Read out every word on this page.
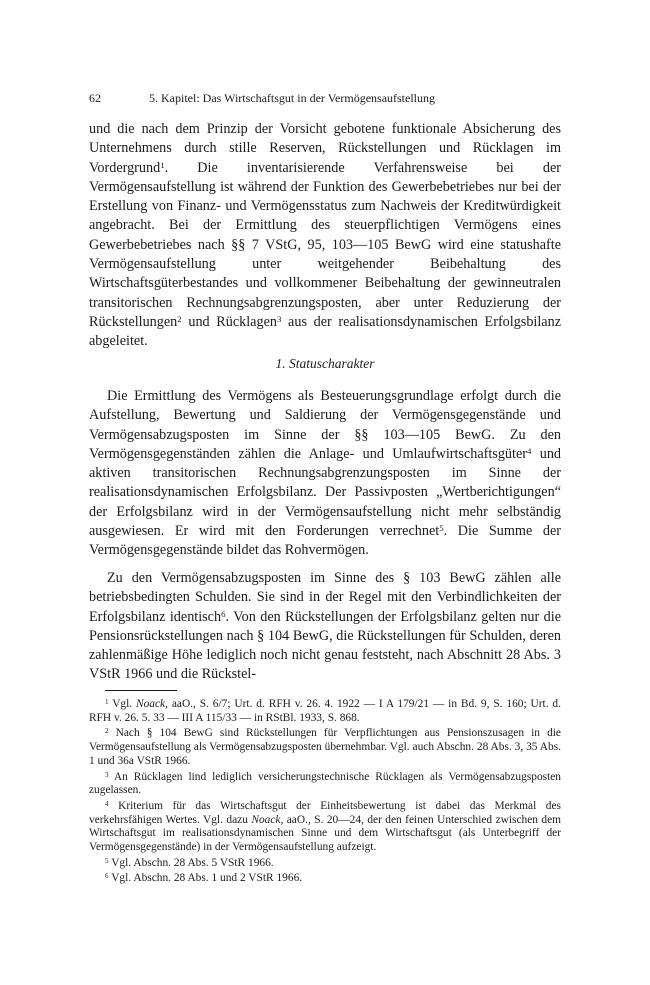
62	5. Kapitel: Das Wirtschaftsgut in der Vermögensaufstellung

und die nach dem Prinzip der Vorsicht gebotene funktionale Absicherung des Unternehmens durch stille Reserven, Rückstellungen und Rücklagen im Vordergrund$^1$. Die inventarisierende Verfahrensweise bei der Vermögensaufstellung ist während der Funktion des Gewerbebetriebes nur bei der Erstellung von Finanz- und Vermögensstatus zum Nachweis der Kreditwürdigkeit angebracht. Bei der Ermittlung des steuerpflichtigen Vermögens eines Gewerbebetriebes nach §§ 7 VStG, 95, 103—105 BewG wird eine statushafte Vermögensaufstellung unter weitgehender Beibehaltung des Wirtschaftsgüterbestandes und vollkommener Beibehaltung der gewinneutralen transitorischen Rechnungsabgrenzungsposten, aber unter Reduzierung der Rückstellungen$^2$ und Rücklagen$^3$ aus der realisationsdynamischen Erfolgsbilanz abgeleitet.

1. Statuscharakter

Die Ermittlung des Vermögens als Besteuerungsgrundlage erfolgt durch die Aufstellung, Bewertung und Saldierung der Vermögensgegenstände und Vermögensabzugsposten im Sinne der §§ 103—105 BewG. Zu den Vermögensgegenständen zählen die Anlage- und Umlaufwirtschaftsgüter$^4$ und aktiven transitorischen Rechnungsabgrenzungsposten im Sinne der realisationsdynamischen Erfolgsbilanz. Der Passivposten „Wertberichtigungen“ der Erfolgsbilanz wird in der Vermögensaufstellung nicht mehr selbständig ausgewiesen. Er wird mit den Forderungen verrechnet$^5$. Die Summe der Vermögensgegenstände bildet das Rohvermögen.

Zu den Vermögensabzugsposten im Sinne des § 103 BewG zählen alle betriebsbedingten Schulden. Sie sind in der Regel mit den Verbindlichkeiten der Erfolgsbilanz identisch$^6$. Von den Rückstellungen der Erfolgsbilanz gelten nur die Pensionsrückstellungen nach § 104 BewG, die Rückstellungen für Schulden, deren zahlenmäßige Höhe lediglich noch nicht genau feststeht, nach Abschnitt 28 Abs. 3 VStR 1966 und die Rückstel-

$^1$ Vgl. Noack, aaO., S. 6/7; Urt. d. RFH v. 26. 4. 1922 — I A 179/21 — in Bd. 9, S. 160; Urt. d. RFH v. 26. 5. 33 — III A 115/33 — in RStBl. 1933, S. 868.

$^2$ Nach § 104 BewG sind Rückstellungen für Verpflichtungen aus Pensionszusagen in die Vermögensaufstellung als Vermögensabzugsposten übernehmbar. Vgl. auch Abschn. 28 Abs. 3, 35 Abs. 1 und 36a VStR 1966.

$^3$ An Rücklagen lind lediglich versicherungstechnische Rücklagen als Vermögensabzugsposten zugelassen.

$^4$ Kriterium für das Wirtschaftsgut der Einheitsbewertung ist dabei das Merkmal des verkehrsfähigen Wertes. Vgl. dazu Noack, aaO., S. 20—24, der den feinen Unterschied zwischen dem Wirtschaftsgut im realisationsdynamischen Sinne und dem Wirtschaftsgut (als Unterbegriff der Vermögensgegenstände) in der Vermögensaufstellung aufzeigt.

$^5$ Vgl. Abschn. 28 Abs. 5 VStR 1966.

$^6$ Vgl. Abschn. 28 Abs. 1 und 2 VStR 1966.
